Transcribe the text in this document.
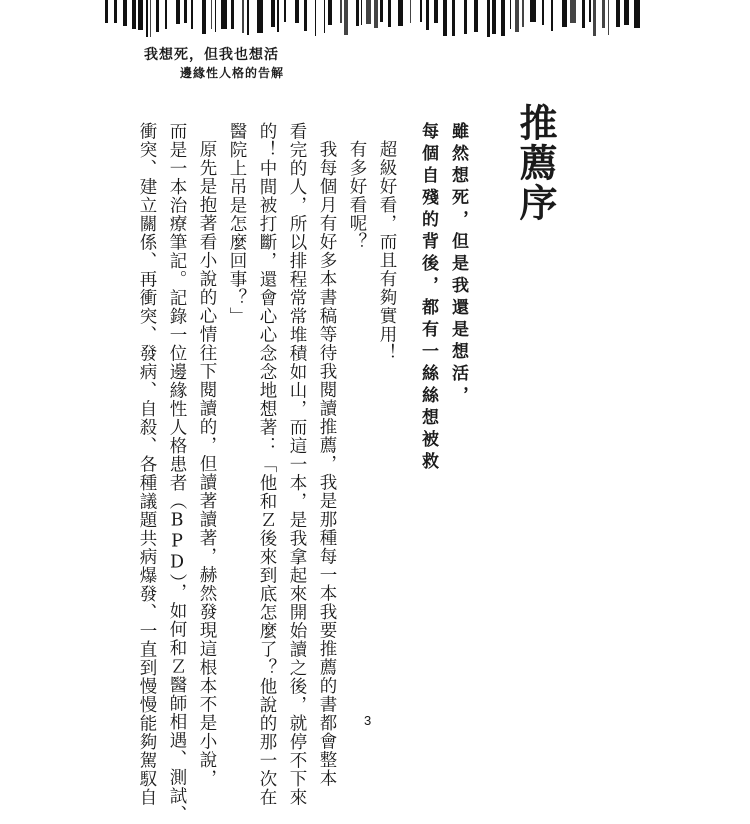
我想死，但我也想活
邊緣性人格的告解
推薦序
雖然想死，但是我還是想活，
每個自殘的背後，都有一絲絲想被救
超級好看，而且有夠實用！
有多好看呢？
我每個月有好多本書稿等待我閱讀推薦，我是那種每一本我要推薦的書都會整本
看完的人，所以排程常常堆積如山，而這一本，是我拿起來開始讀之後，就停不下來
的！中間被打斷，還會心心念念地想著：「他和Ｚ後來到底怎麼了？他說的那一次在
醫院上吊是怎麼回事？」
原先是抱著看小說的心情往下閱讀的，但讀著讀著，赫然發現這根本不是小說，
而是一本治療筆記。記錄一位邊緣性人格患者（BPD），如何和Ｚ醫師相遇、測試、
衝突、建立關係、再衝突、發病、自殺、各種議題共病爆發、一直到慢慢能夠駕馭自	3
